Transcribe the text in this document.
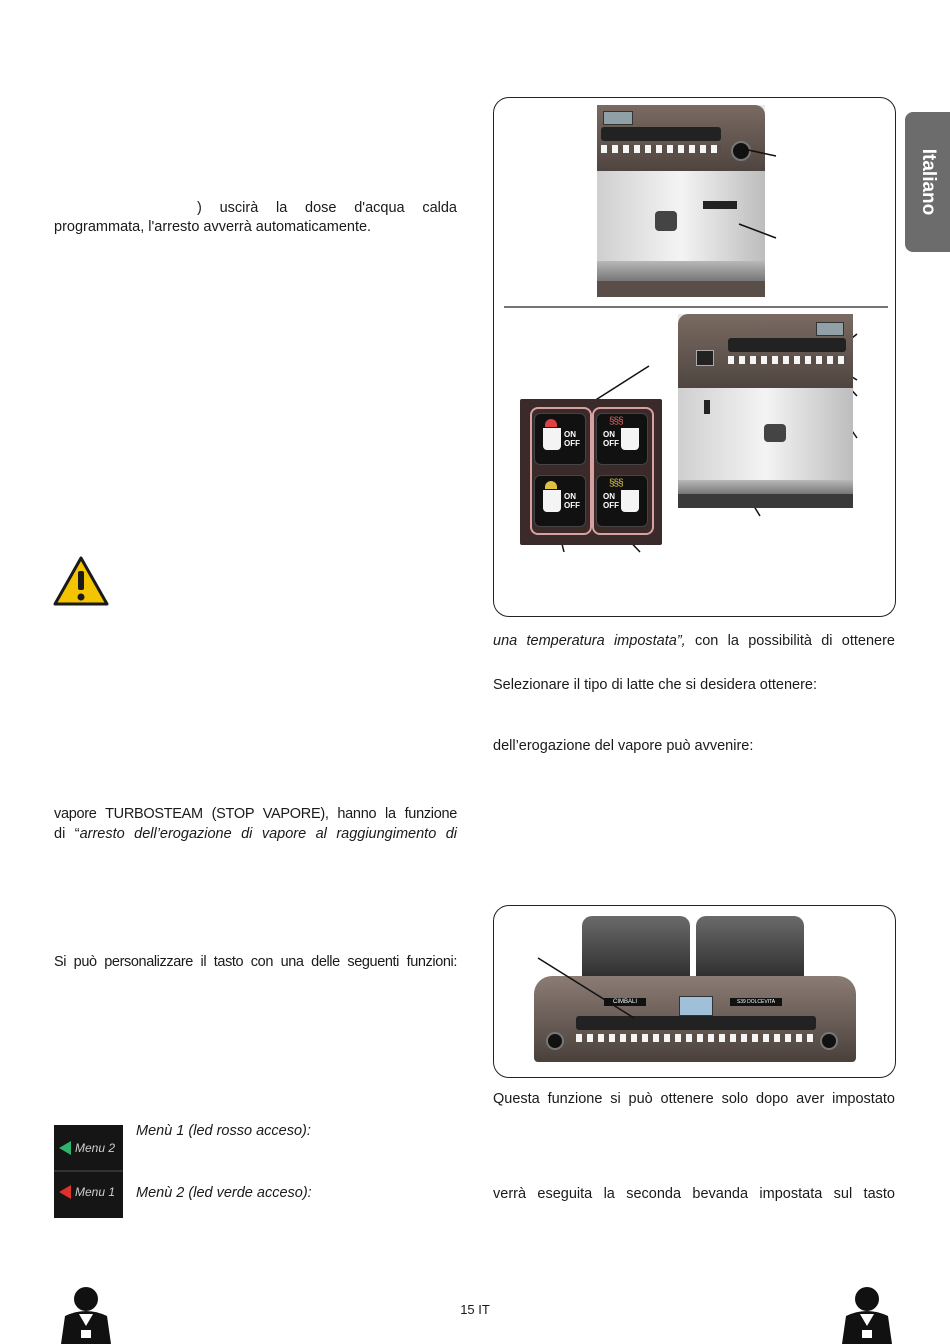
Italiano
) uscirà la dose d'acqua calda
programmata, l'arresto avverrà automaticamente.
vapore TURBOSTEAM (STOP VAPORE), hanno la funzione
di “arresto dell’erogazione di vapore al raggiungimento di
Si può personalizzare il tasto con una delle seguenti funzioni:
Menu 2
Menu 1
Menù 1 (led rosso acceso):
Menù 2 (led verde acceso):
ON
OFF
§§§
ON
OFF
ON
OFF
§§§
ON
OFF
una temperatura impostata”, con la possibilità di ottenere
Selezionare il tipo di latte che si desidera ottenere:
dell’erogazione del vapore può avvenire:
CIMBALI	S39 DOLCEVITA
Questa funzione si può ottenere solo dopo aver impostato
verrà eseguita la seconda bevanda impostata sul tasto
15 IT
